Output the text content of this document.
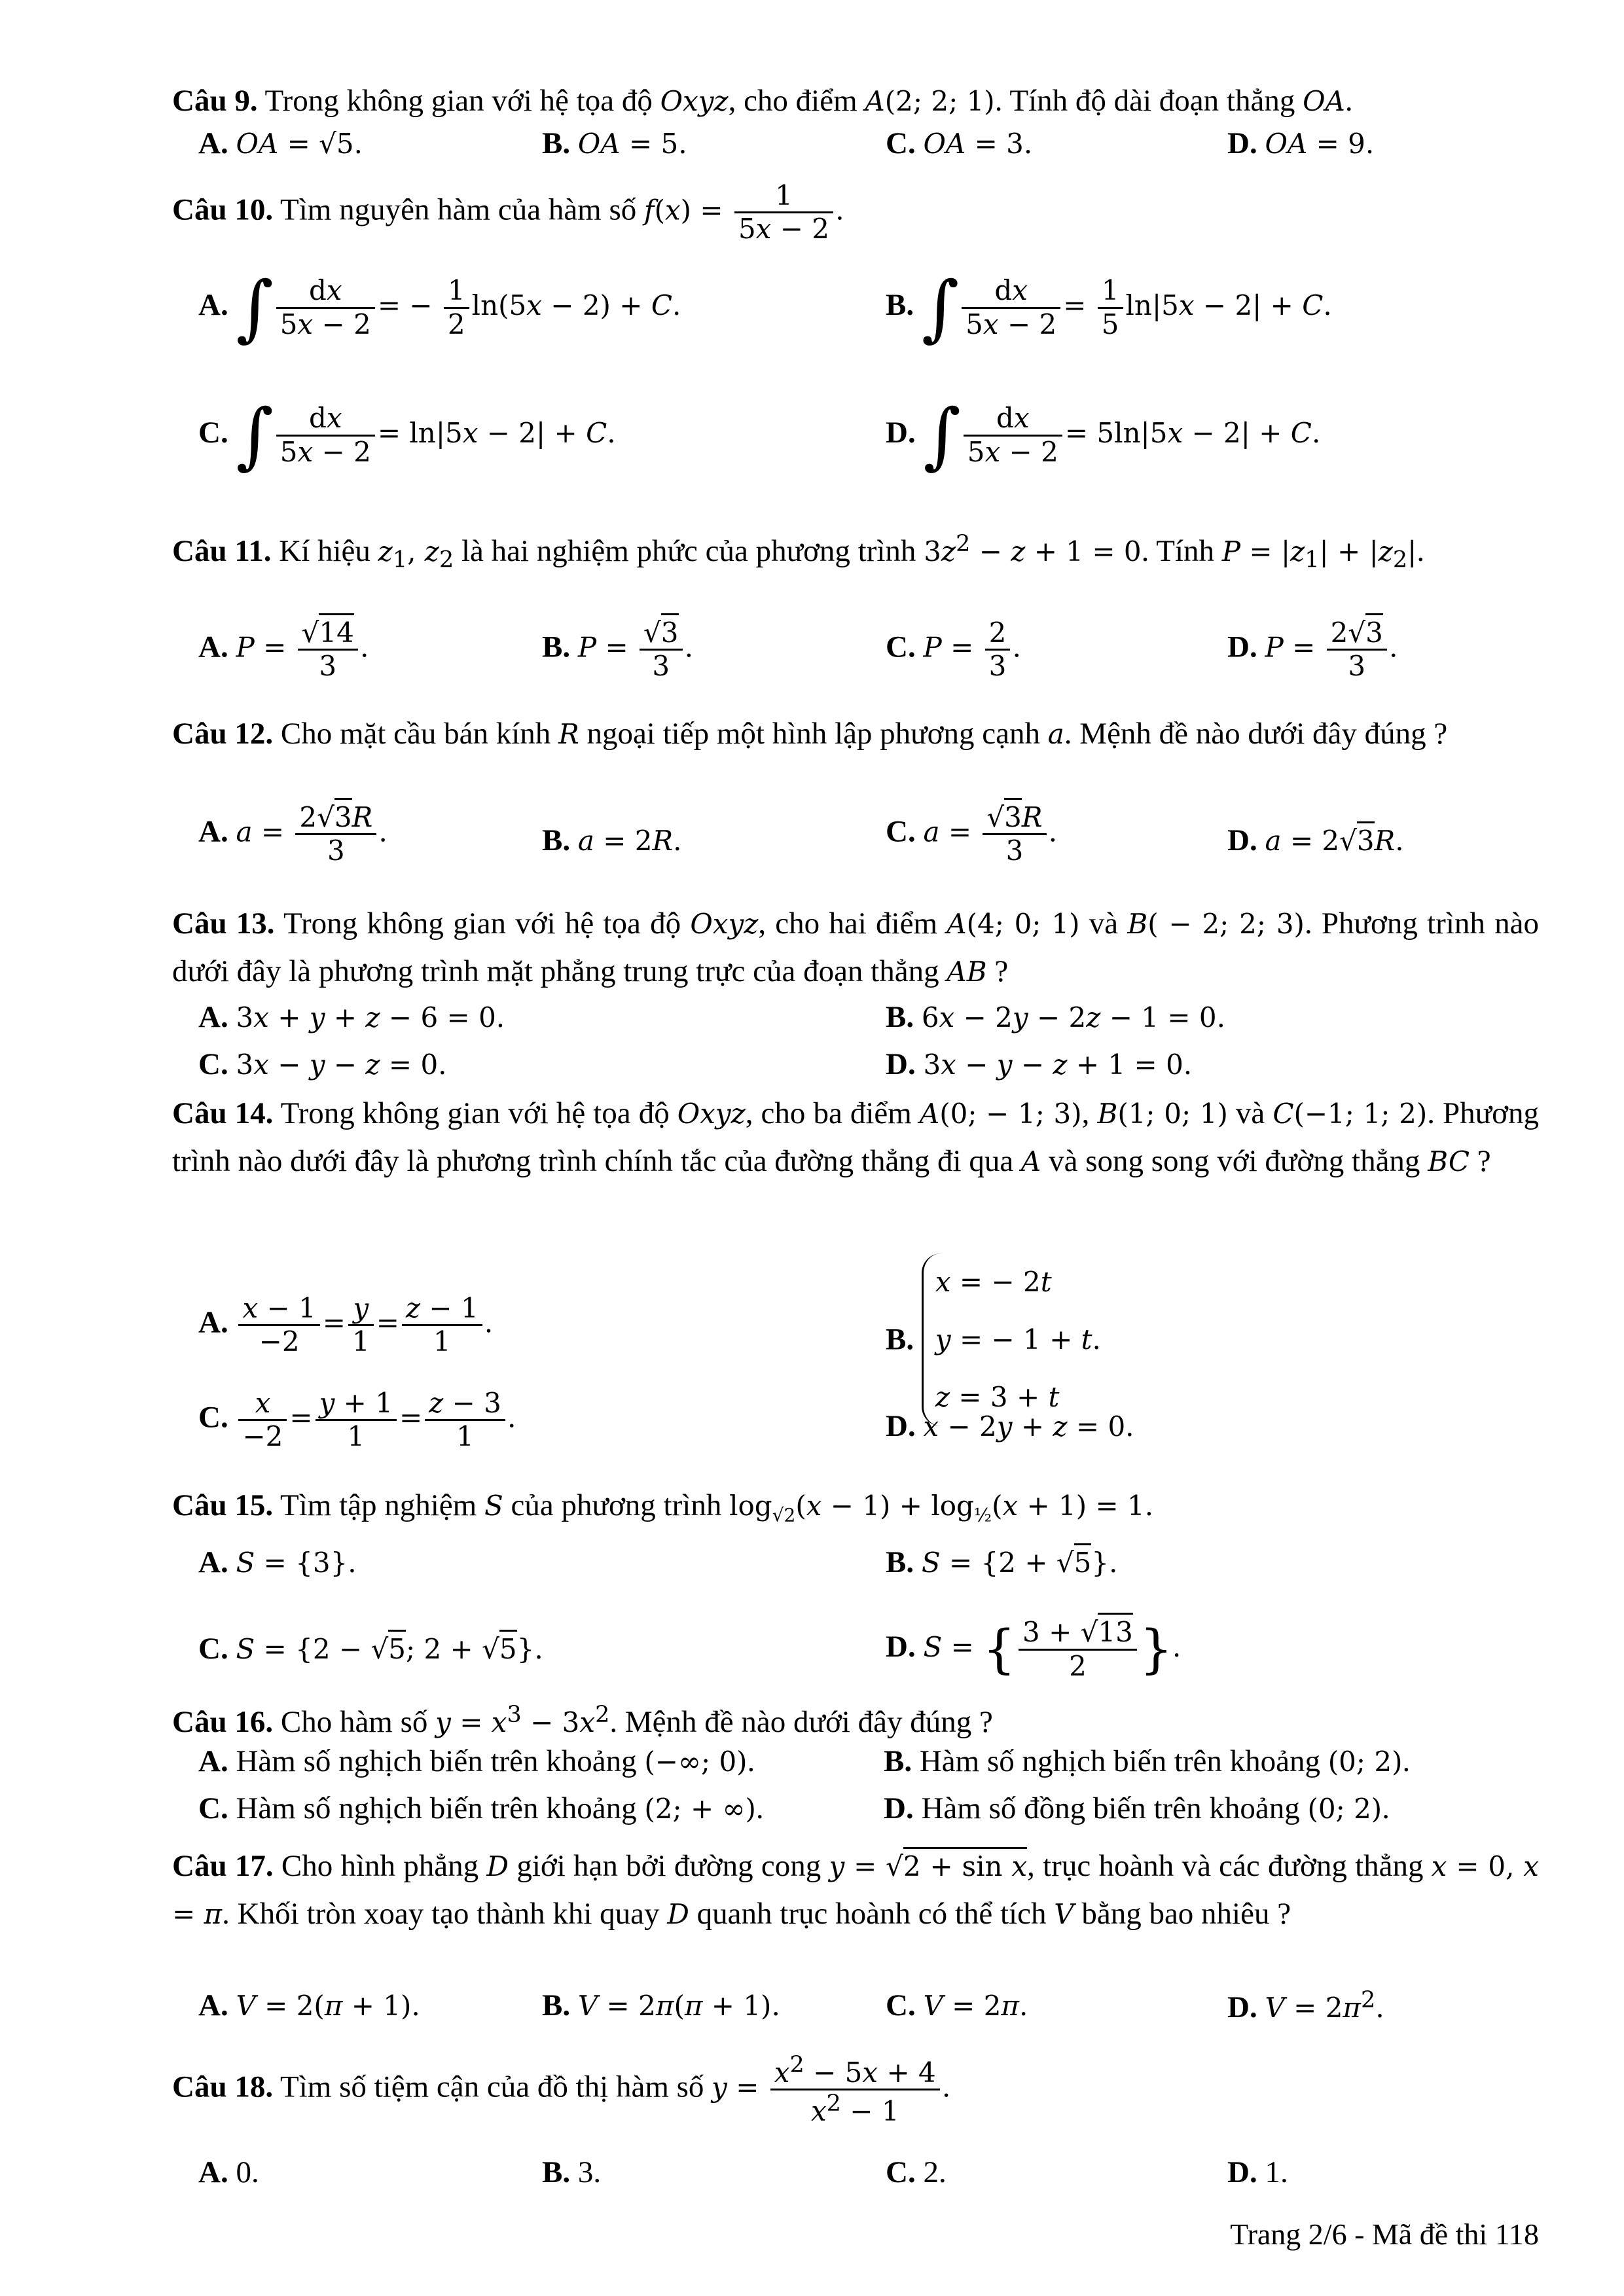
Câu 9. Trong không gian với hệ tọa độ Oxyz, cho điểm A(2; 2; 1). Tính độ dài đoạn thẳng OA.
A. OA = √5.	B. OA = 5.	C. OA = 3.	D. OA = 9.
Câu 10. Tìm nguyên hàm của hàm số $f(x) = \frac{1}{5x - 2}$ .
A. ∫ $\frac{dx}{5x - 2}$ = − $\frac{1}{2} \ln(5x - 2) + C$.	B. ∫ $\frac{dx}{5x - 2} = \frac{1}{5} \ln|5x - 2| + C$.
C. ∫ $\frac{dx}{5x - 2} = \ln|5x - 2| + C$.	D. ∫ $\frac{dx}{5x - 2} = 5\ln|5x - 2| + C$.
Câu 11. Kí hiệu $z_1$, $z_2$ là hai nghiệm phức của phương trình $3z^2 - z + 1 = 0$. Tính $P = |z_1| + |z_2|$.
A. $P = \frac{√14}{3}$ .	B. $P = \frac{√3}{3}$ .	C. $P = \frac{2}{3}$ .	D. $P = \frac{2√3}{3}$ .
Câu 12. Cho mặt cầu bán kính R ngoại tiếp một hình lập phương cạnh a. Mệnh đề nào dưới đây đúng ?
A. $a = \frac{2√3R}{3}$ .	B. a = 2R.	C. $a = \frac{√3R}{3}$ .	D. a = 2√3R.
Câu 13. Trong không gian với hệ tọa độ Oxyz, cho hai điểm A(4; 0; 1) và B( − 2; 2; 3). Phương trình nào dưới đây là phương trình mặt phẳng trung trực của đoạn thẳng AB ?
A. 3x + y + z − 6 = 0.	B. 6x − 2y − 2z − 1 = 0.
C. 3x − y − z = 0.	D. 3x − y − z + 1 = 0.
Câu 14. Trong không gian với hệ tọa độ Oxyz, cho ba điểm A(0; − 1; 3), B(1; 0; 1) và C(−1; 1; 2). Phương trình nào dưới đây là phương trình chính tắc của đường thẳng đi qua A và song song với đường thẳng BC ?
A. $\frac{x - 1}{-2} = \frac{y}{1} = \frac{z - 1}{1}$ .
B. x = − 2t
y = − 1 + t.
z = 3 + t
C. $\frac{x}{-2} = \frac{y + 1}{1} = \frac{z - 3}{1}$ .	D. x − 2y + z = 0.
Câu 15. Tìm tập nghiệm S của phương trình $\log_{√2}(x - 1) + \log_{\frac{1}{2}}(x + 1) = 1$.
A. S = {3}.	B. S = {2 + √5}.
C. S = {2 − √5; 2 + √5}.	D. S = { $\frac{3 + √13}{2}$ }.
Câu 16. Cho hàm số $y = x^3 - 3x^2$. Mệnh đề nào dưới đây đúng ?
A. Hàm số nghịch biến trên khoảng (−∞; 0).	B. Hàm số nghịch biến trên khoảng (0; 2).
C. Hàm số nghịch biến trên khoảng (2; + ∞).	D. Hàm số đồng biến trên khoảng (0; 2).
Câu 17. Cho hình phẳng D giới hạn bởi đường cong y = √2 + sin x, trục hoành và các đường thẳng x = 0, x = π. Khối tròn xoay tạo thành khi quay D quanh trục hoành có thể tích V bằng bao nhiêu ?
A. V = 2(π + 1).	B. V = 2π(π + 1).	C. V = 2π.	D. $V = 2\pi^2$.
Câu 18. Tìm số tiệm cận của đồ thị hàm số $y = \frac{x^2 - 5x + 4}{x^2 - 1}$ .
A. 0.	B. 3.	C. 2.	D. 1.
Trang 2/6 - Mã đề thi 118
